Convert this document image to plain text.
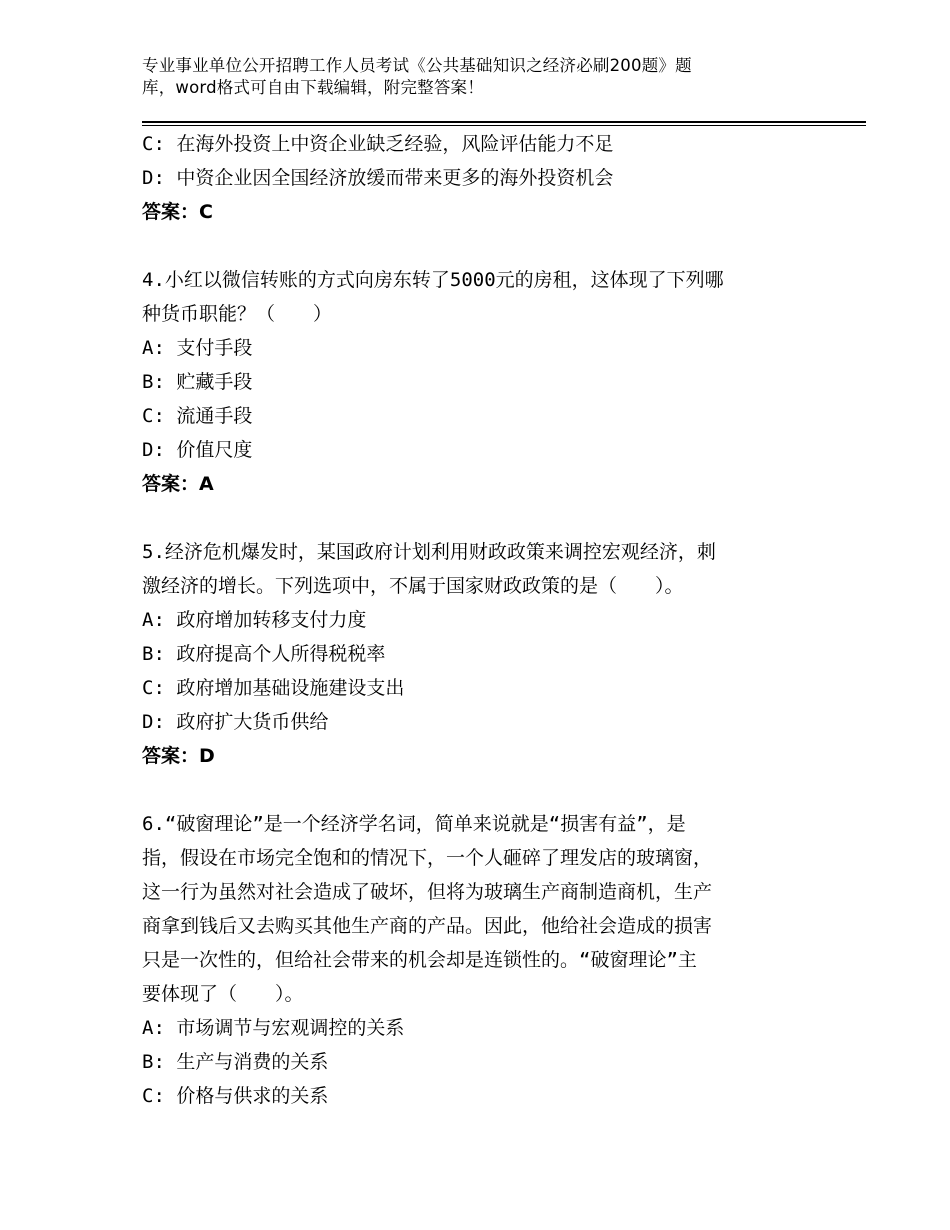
专业事业单位公开招聘工作人员考试《公共基础知识之经济必刷200题》题
库，word格式可自由下载编辑，附完整答案！
C: 在海外投资上中资企业缺乏经验，风险评估能力不足
D: 中资企业因全国经济放缓而带来更多的海外投资机会
答案：C
4.小红以微信转账的方式向房东转了5000元的房租，这体现了下列哪
种货币职能？（　　）
A: 支付手段
B: 贮藏手段
C: 流通手段
D: 价值尺度
答案：A
5.经济危机爆发时，某国政府计划利用财政政策来调控宏观经济，刺
激经济的增长。下列选项中，不属于国家财政政策的是（　　）。
A: 政府增加转移支付力度
B: 政府提高个人所得税税率
C: 政府增加基础设施建设支出
D: 政府扩大货币供给
答案：D
6.“破窗理论”是一个经济学名词，简单来说就是“损害有益”，是
指，假设在市场完全饱和的情况下，一个人砸碎了理发店的玻璃窗，
这一行为虽然对社会造成了破坏，但将为玻璃生产商制造商机，生产
商拿到钱后又去购买其他生产商的产品。因此，他给社会造成的损害
只是一次性的，但给社会带来的机会却是连锁性的。“破窗理论”主
要体现了（　　）。
A: 市场调节与宏观调控的关系
B: 生产与消费的关系
C: 价格与供求的关系
